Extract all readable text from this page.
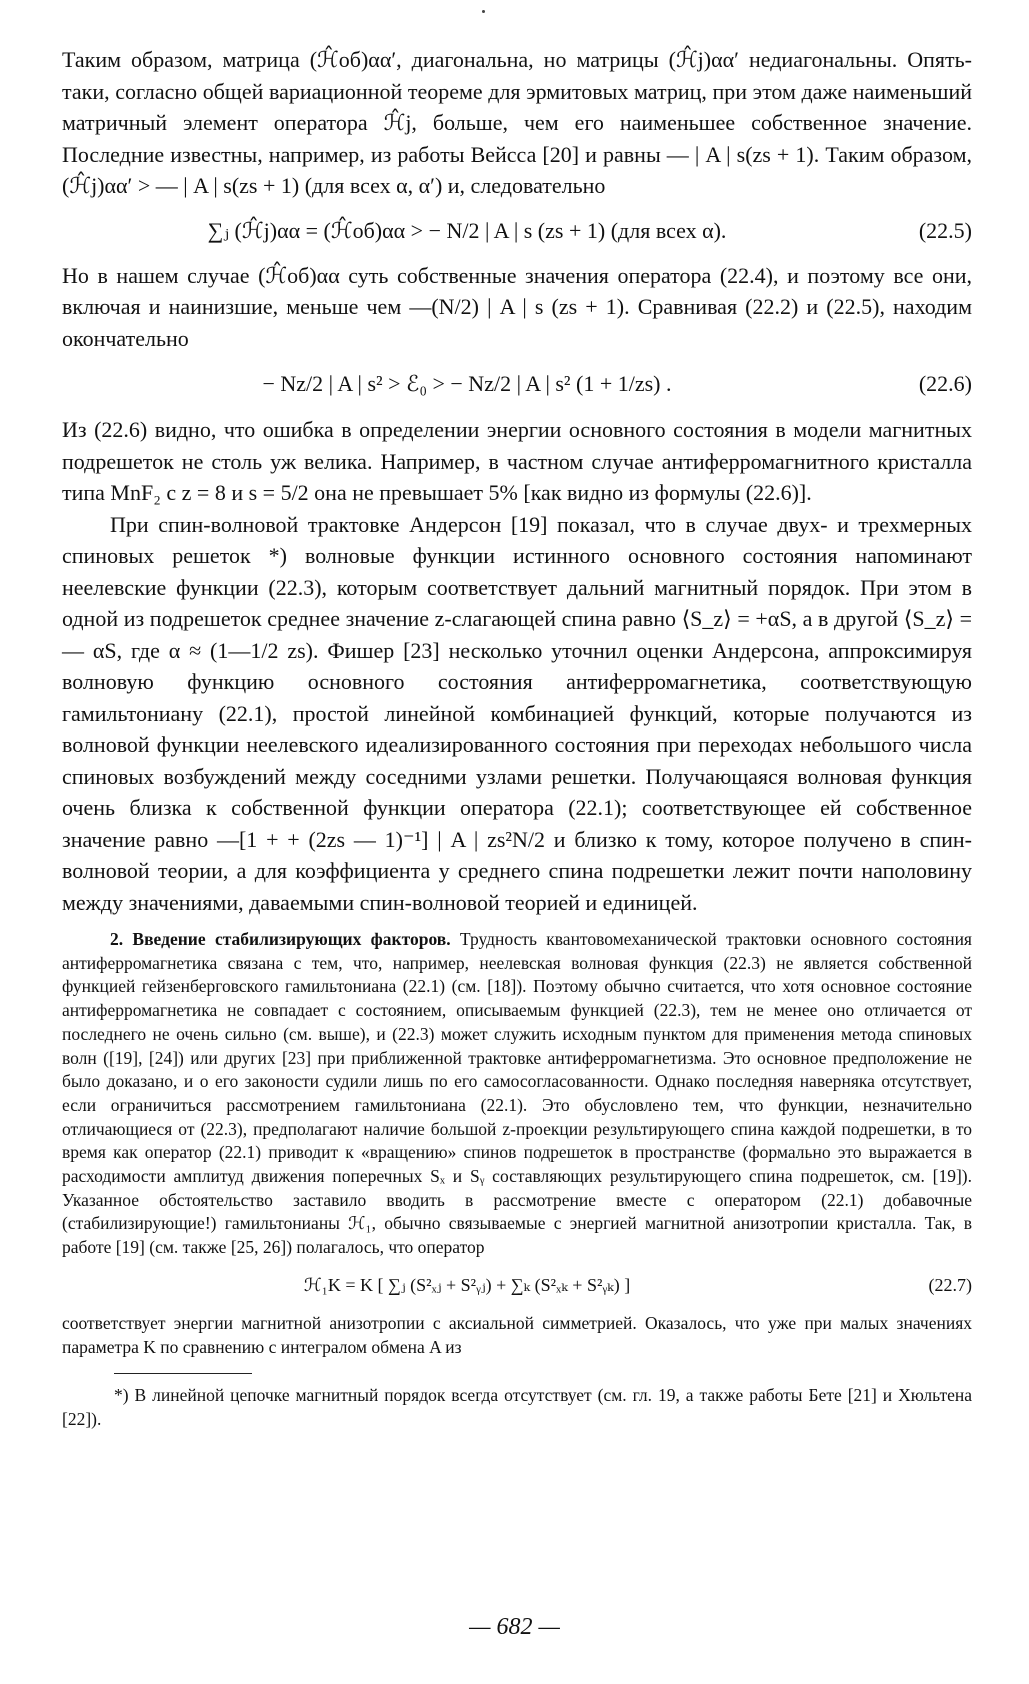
Таким образом, матрица (ℋ̂об)αα′, диагональна, но матрицы (ℋ̂j)αα′ недиагональны. Опять-таки, согласно общей вариационной теореме для эрмитовых матриц, при этом даже наименьший матричный элемент оператора ℋ̂j, больше, чем его наименьшее собственное значение. Последние известны, например, из работы Вейсса [20] и равны — | A | s(zs + 1). Таким образом, (ℋ̂j)αα′ > — | A | s(zs + 1) (для всех α, α′) и, следовательно

∑ⱼ (ℋ̂j)αα = (ℋ̂об)αα > − N/2 | A | s (zs + 1) (для всех α).	(22.5)

Но в нашем случае (ℋ̂об)αα суть собственные значения оператора (22.4), и поэтому все они, включая и наинизшие, меньше чем —(N/2) | A | s (zs + 1). Сравнивая (22.2) и (22.5), находим окончательно

− Nz/2 | A | s² > ℰ₀ > − Nz/2 | A | s² (1 + 1/zs) .	(22.6)

Из (22.6) видно, что ошибка в определении энергии основного состояния в модели магнитных подрешеток не столь уж велика. Например, в частном случае антиферромагнитного кристалла типа MnF₂ с z = 8 и s = 5/2 она не превышает 5% [как видно из формулы (22.6)].

При спин-волновой трактовке Андерсон [19] показал, что в случае двух- и трехмерных спиновых решеток *) волновые функции истинного основного состояния напоминают неелевские функции (22.3), которым соответствует дальний магнитный порядок. При этом в одной из подрешеток среднее значение z-слагающей спина равно ⟨S_z⟩ = +αS, а в другой ⟨S_z⟩ = — αS, где α ≈ (1—1/2 zs). Фишер [23] несколько уточнил оценки Андерсона, аппроксимируя волновую функцию основного состояния антиферромагнетика, соответствующую гамильтониану (22.1), простой линейной комбинацией функций, которые получаются из волновой функции неелевского идеализированного состояния при переходах небольшого числа спиновых возбуждений между соседними узлами решетки. Получающаяся волновая функция очень близка к собственной функции оператора (22.1); соответствующее ей собственное значение равно —[1 + + (2zs — 1)⁻¹] | A | zs²N/2 и близко к тому, которое получено в спин-волновой теории, а для коэффициента у среднего спина подрешетки лежит почти наполовину между значениями, даваемыми спин-волновой теорией и единицей.

2. Введение стабилизирующих факторов. Трудность квантовомеханической трактовки основного состояния антиферромагнетика связана с тем, что, например, неелевская волновая функция (22.3) не является собственной функцией гейзенберговского гамильтониана (22.1) (см. [18]). Поэтому обычно считается, что хотя основное состояние антиферромагнетика не совпадает с состоянием, описываемым функцией (22.3), тем не менее оно отличается от последнего не очень сильно (см. выше), и (22.3) может служить исходным пунктом для применения метода спиновых волн ([19], [24]) или других [23] при приближенной трактовке антиферромагнетизма. Это основное предположение не было доказано, и о его законости судили лишь по его самосогласованности. Однако последняя наверняка отсутствует, если ограничиться рассмотрением гамильтониана (22.1). Это обусловлено тем, что функции, незначительно отличающиеся от (22.3), предполагают наличие большой z-проекции результирующего спина каждой подрешетки, в то время как оператор (22.1) приводит к «вращению» спинов подрешеток в пространстве (формально это выражается в расходимости амплитуд движения поперечных Sₓ и Sᵧ составляющих результирующего спина подрешеток, см. [19]). Указанное обстоятельство заставило вводить в рассмотрение вместе с оператором (22.1) добавочные (стабилизирующие!) гамильтонианы ℋ₁, обычно связываемые с энергией магнитной анизотропии кристалла. Так, в работе [19] (см. также [25, 26]) полагалось, что оператор

ℋ₁K = K [ ∑ⱼ (S²ₓⱼ + S²ᵧⱼ) + ∑ₖ (S²ₓₖ + S²ᵧₖ) ]	(22.7)

соответствует энергии магнитной анизотропии с аксиальной симметрией. Оказалось, что уже при малых значениях параметра K по сравнению с интегралом обмена A из

*) В линейной цепочке магнитный порядок всегда отсутствует (см. гл. 19, а также работы Бете [21] и Хюльтена [22]).

— 682 —
